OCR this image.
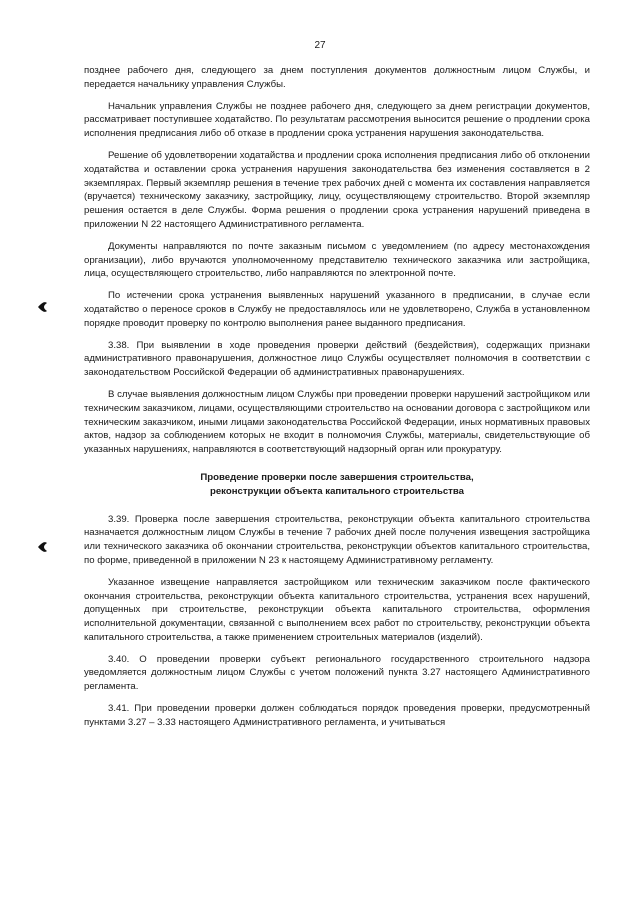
27

позднее рабочего дня, следующего за днем поступления документов должностным лицом Службы, и передается начальнику управления Службы.

Начальник управления Службы не позднее рабочего дня, следующего за днем регистрации документов, рассматривает поступившее ходатайство. По результатам рассмотрения выносится решение о продлении срока исполнения предписания либо об отказе в продлении срока устранения нарушения законодательства.

Решение об удовлетворении ходатайства и продлении срока исполнения предписания либо об отклонении ходатайства и оставлении срока устранения нарушения законодательства без изменения составляется в 2 экземплярах. Первый экземпляр решения в течение трех рабочих дней с момента их составления направляется (вручается) техническому заказчику, застройщику, лицу, осуществляющему строительство. Второй экземпляр решения остается в деле Службы. Форма решения о продлении срока устранения нарушений приведена в приложении N 22 настоящего Административного регламента.

Документы направляются по почте заказным письмом с уведомлением (по адресу местонахождения организации), либо вручаются уполномоченному представителю технического заказчика или застройщика, лица, осуществляющего строительство, либо направляются по электронной почте.

По истечении срока устранения выявленных нарушений указанного в предписании, в случае если ходатайство о переносе сроков в Службу не предоставлялось или не удовлетворено, Служба в установленном порядке проводит проверку по контролю выполнения ранее выданного предписания.

3.38. При выявлении в ходе проведения проверки действий (бездействия), содержащих признаки административного правонарушения, должностное лицо Службы осуществляет полномочия в соответствии с законодательством Российской Федерации об административных правонарушениях.

В случае выявления должностным лицом Службы при проведении проверки нарушений застройщиком или техническим заказчиком, лицами, осуществляющими строительство на основании договора с застройщиком или техническим заказчиком, иными лицами законодательства Российской Федерации, иных нормативных правовых актов, надзор за соблюдением которых не входит в полномочия Службы, материалы, свидетельствующие об указанных нарушениях, направляются в соответствующий надзорный орган или прокуратуру.

Проведение проверки после завершения строительства,
реконструкции объекта капитального строительства

3.39. Проверка после завершения строительства, реконструкции объекта капитального строительства назначается должностным лицом Службы в течение 7 рабочих дней после получения извещения застройщика или технического заказчика об окончании строительства, реконструкции объектов капитального строительства, по форме, приведенной в приложении N 23 к настоящему Административному регламенту.

Указанное извещение направляется застройщиком или техническим заказчиком после фактического окончания строительства, реконструкции объекта капитального строительства, устранения всех нарушений, допущенных при строительстве, реконструкции объекта капитального строительства, оформления исполнительной документации, связанной с выполнением всех работ по строительству, реконструкции объекта капитального строительства, а также применением строительных материалов (изделий).

3.40. О проведении проверки субъект регионального государственного строительного надзора уведомляется должностным лицом Службы с учетом положений пункта 3.27 настоящего Административного регламента.

3.41. При проведении проверки должен соблюдаться порядок проведения проверки, предусмотренный пунктами 3.27 – 3.33 настоящего Административного регламента, и учитываться
